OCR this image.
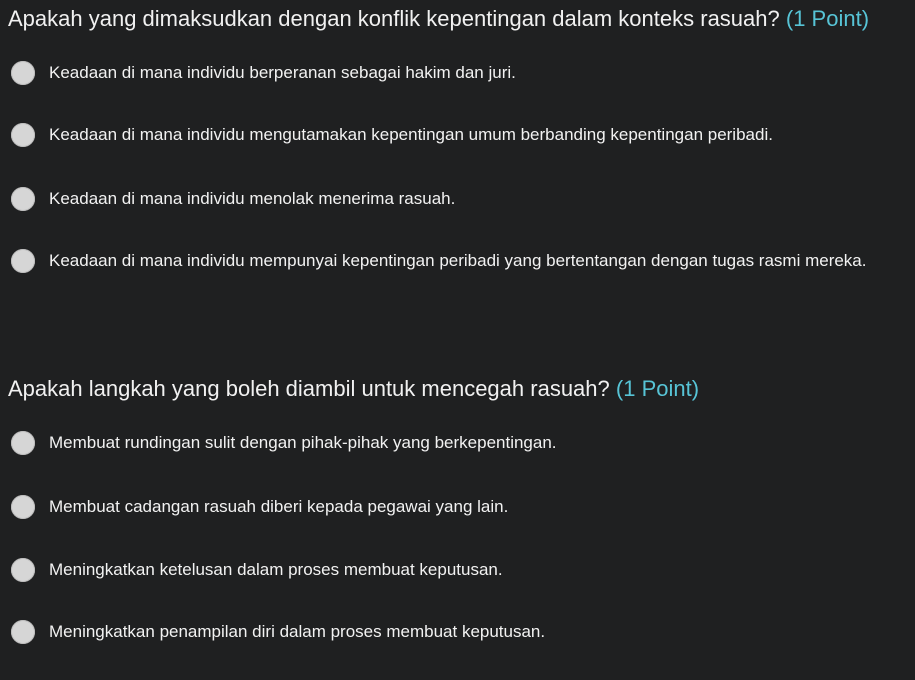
Apakah yang dimaksudkan dengan konflik kepentingan dalam konteks rasuah? (1 Point)
Keadaan di mana individu berperanan sebagai hakim dan juri.
Keadaan di mana individu mengutamakan kepentingan umum berbanding kepentingan peribadi.
Keadaan di mana individu menolak menerima rasuah.
Keadaan di mana individu mempunyai kepentingan peribadi yang bertentangan dengan tugas rasmi mereka.
Apakah langkah yang boleh diambil untuk mencegah rasuah? (1 Point)
Membuat rundingan sulit dengan pihak-pihak yang berkepentingan.
Membuat cadangan rasuah diberi kepada pegawai yang lain.
Meningkatkan ketelusan dalam proses membuat keputusan.
Meningkatkan penampilan diri dalam proses membuat keputusan.
